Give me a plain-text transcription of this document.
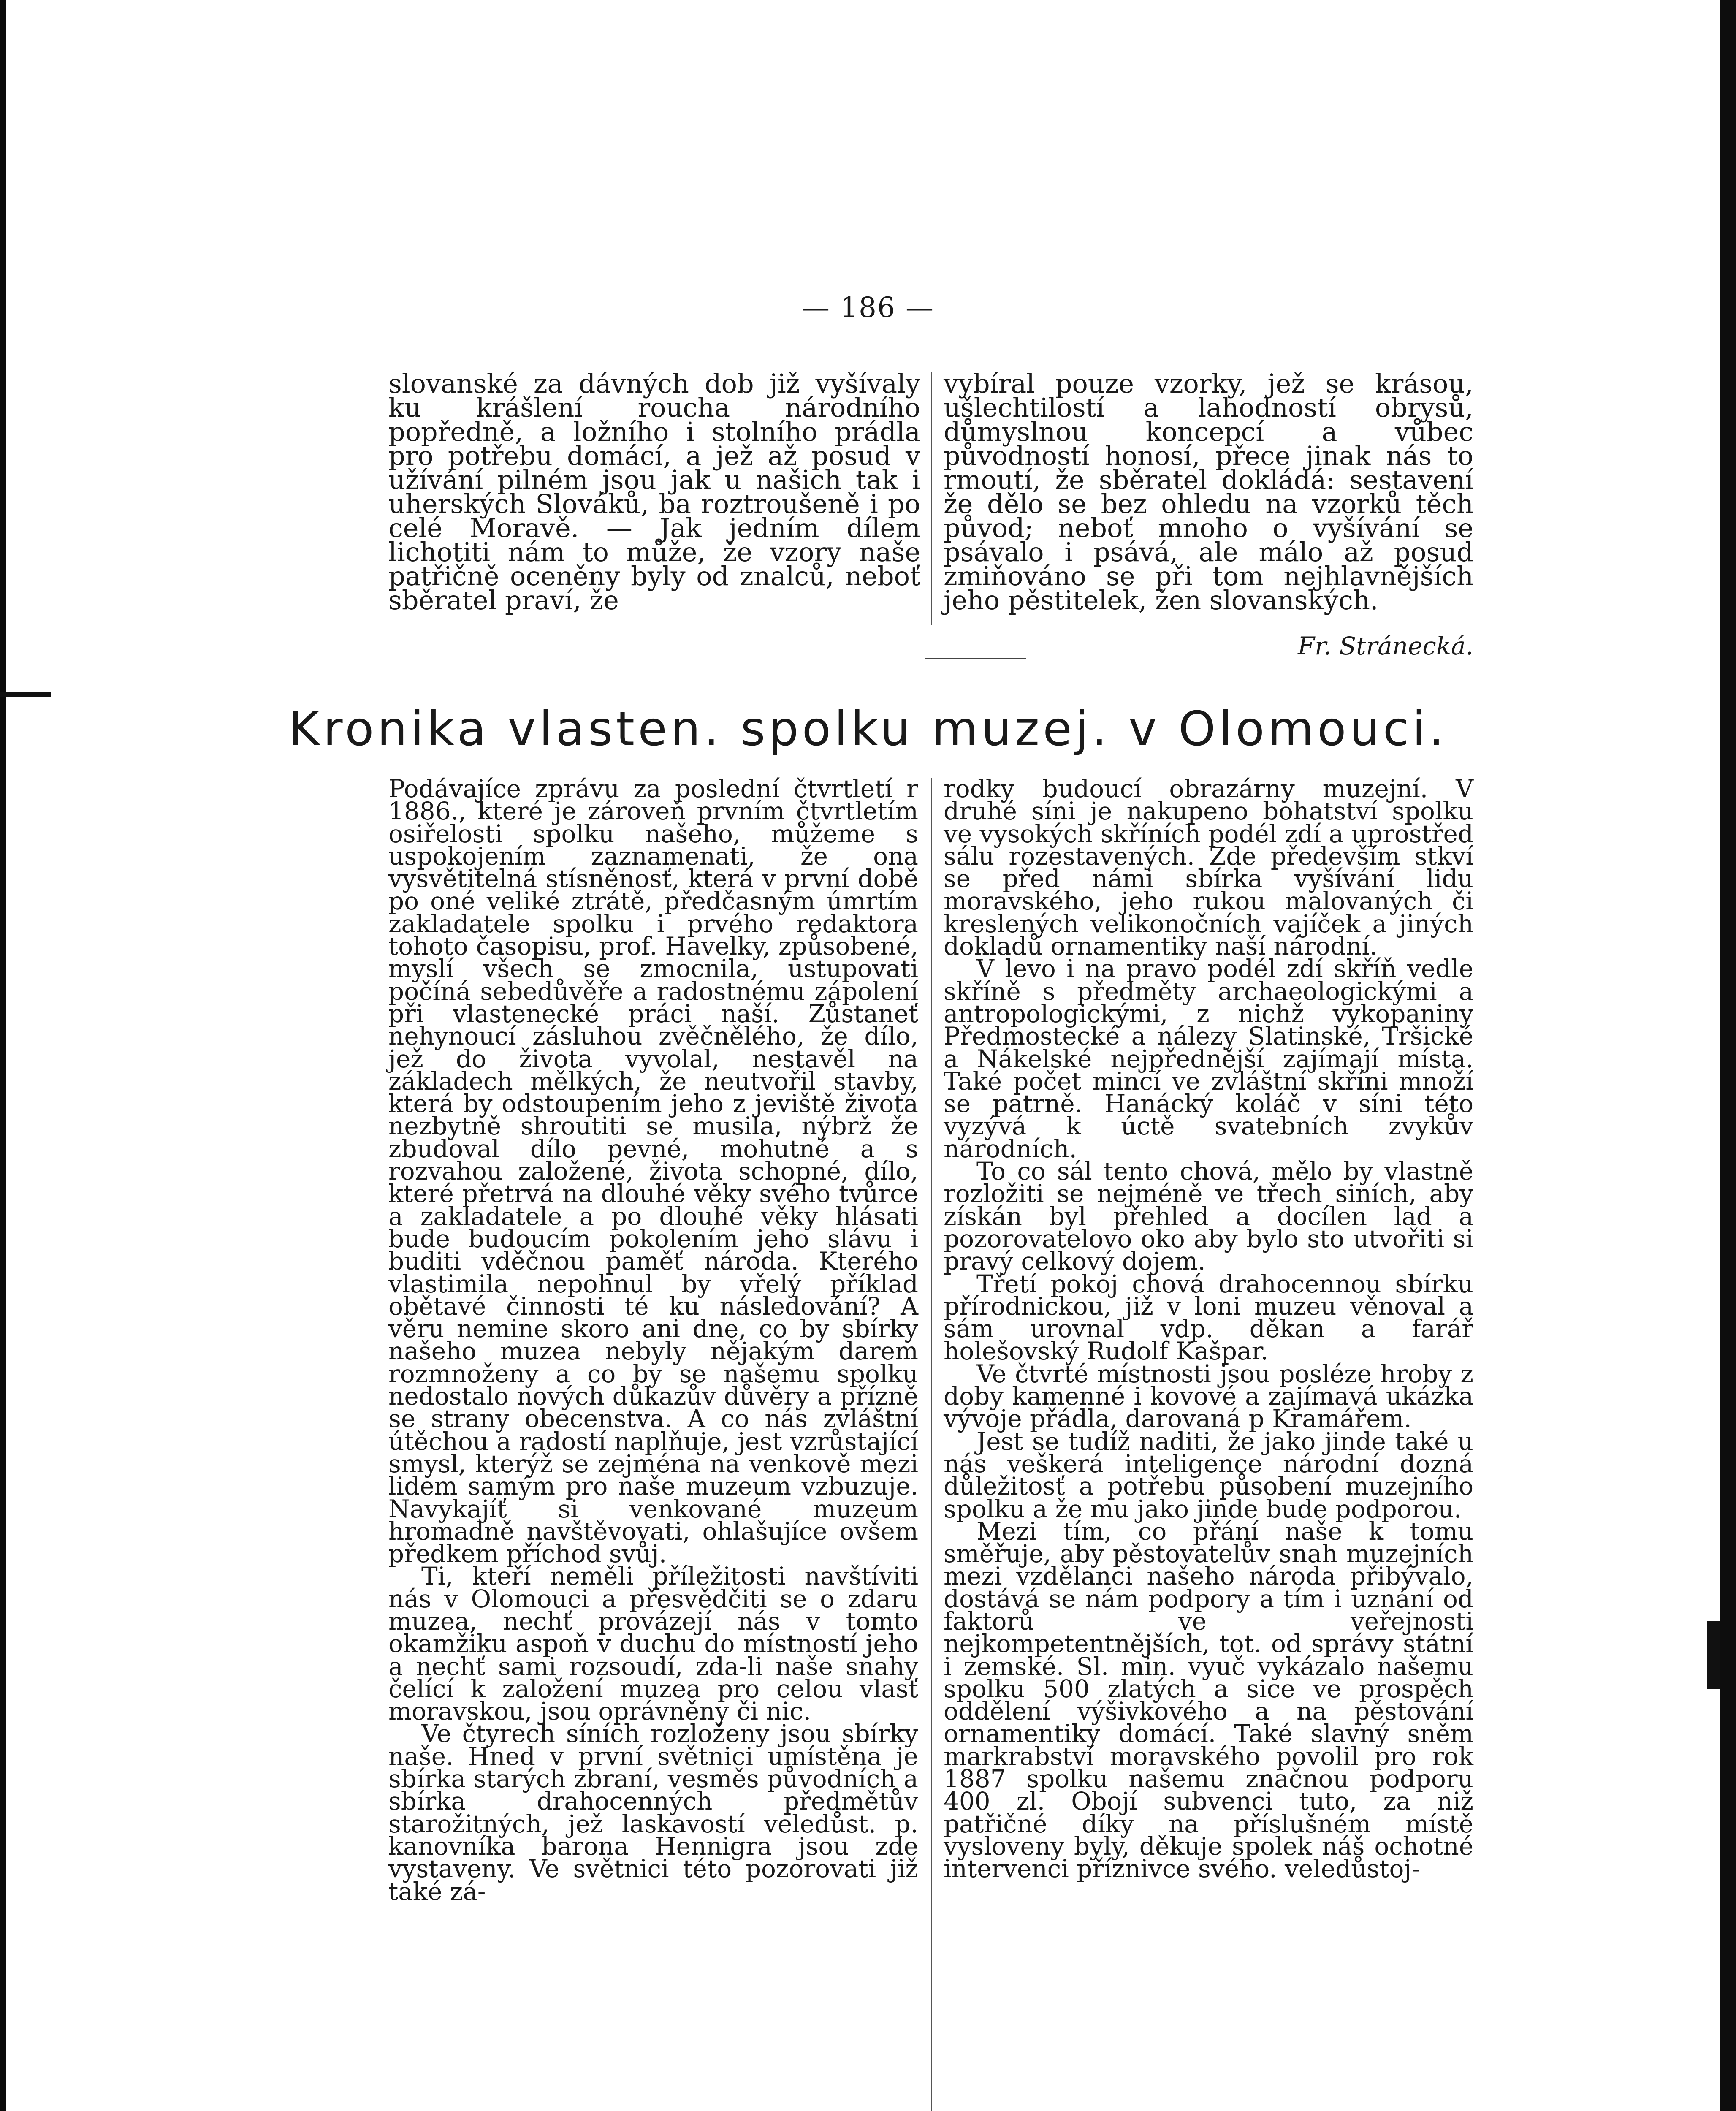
— 186 —

slovanské za dávných dob již vyšívaly ku krášlení roucha národního popředně, a ložního i stolního prádla pro potřebu domácí, a jež až posud v užívání pilném jsou jak u našich tak i uherských Slováků, ba roztroušeně i po celé Moravě. — Jak jedním dílem lichotiti nám to může, že vzory naše patřičně oceněny byly od znalců, neboť sběratel praví, že

vybíral pouze vzorky, jež se krásou, ušlechtilostí a lahodností obrysů, důmyslnou koncepcí a vůbec původností honosí, přece jinak nás to rmoutí, že sběratel dokládá: sestavení že dělo se bez ohledu na vzorků těch původ; neboť mnoho o vyšívání se psávalo i psává, ale málo až posud zmiňováno se při tom nejhlavnějších jeho pěstitelek, žen slovanských.

Fr. Stránecká.
Kronika vlasten. spolku muzej. v Olomouci.

Podávajíce zprávu za poslední čtvrtletí r 1886., které je zároveň prvním čtvrtletím osiřelosti spolku našeho, můžeme s uspokojením zaznamenati, že ona vysvětitelná stísněnosť, která v první době po oné veliké ztrátě, předčasným úmrtím zakladatele spolku i prvého redaktora tohoto časopisu, prof. Havelky, způsobené, myslí všech se zmocnila, ustupovati počíná sebedůvěře a radostnému zápolení při vlastenecké práci naší. Zůstaneť nehynoucí zásluhou zvěčnělého, že dílo, jež do života vyvolal, nestavěl na základech mělkých, že neutvořil stavby, která by odstoupením jeho z jeviště života nezbytně shroutiti se musila, nýbrž že zbudoval dílo pevné, mohutné a s rozvahou založené, života schopné, dílo, které přetrvá na dlouhé věky svého tvůrce a zakladatele a po dlouhé věky hlásati bude budoucím pokolením jeho slávu i buditi vděčnou paměť národa. Kterého vlastimila nepohnul by vřelý příklad obětavé činnosti té ku následování? A věru nemine skoro ani dne, co by sbírky našeho muzea nebyly nějakým darem rozmnoženy a co by se našemu spolku nedostalo nových důkazův důvěry a přízně se strany obecenstva. A co nás zvláštní útěchou a radostí naplňuje, jest vzrůstající smysl, kterýž se zejména na venkově mezi lidem samým pro naše muzeum vzbuzuje. Navykajíť si venkované muzeum hromadně navštěvovati, ohlašujíce ovšem předkem příchod svůj.

Ti, kteří neměli příležitosti navštíviti nás v Olomouci a přesvědčiti se o zdaru muzea, nechť provázejí nás v tomto okamžiku aspoň v duchu do místností jeho a nechť sami rozsoudí, zda-li naše snahy čelící k založení muzea pro celou vlasť moravskou, jsou oprávněny či nic.

Ve čtyrech síních rozloženy jsou sbírky naše. Hned v první světnici umístěna je sbírka starých zbraní, vesměs původních a sbírka drahocenných předmětův starožitných, jež laskavostí veledůst. p. kanovníka barona Hennigra jsou zde vystaveny. Ve světnici této pozorovati již také zá-

rodky budoucí obrazárny muzejní. V druhé síni je nakupeno bohatství spolku ve vysokých skříních podél zdí a uprostřed sálu rozestavených. Zde především stkví se před námi sbírka vyšívání lidu moravského, jeho rukou malovaných či kreslených velikonočních vajíček a jiných dokladů ornamentiky naší národní.

V levo i na pravo podél zdí skříň vedle skříně s předměty archaeologickými a antropologickými, z nichž vykopaniny Předmostecké a nálezy Slatinské, Tršické a Nákelské nejpřednější zajímají místa. Také počet mincí ve zvláštní skříni množí se patrně. Hanácký koláč v síni této vyzývá k úctě svatebních zvykův národních.

To co sál tento chová, mělo by vlastně rozložiti se nejméně ve třech siních, aby získán byl přehled a docílen lad a pozorovatelovo oko aby bylo sto utvořiti si pravý celkový dojem.

Třetí pokoj chová drahocennou sbírku přírodnickou, již v loni muzeu věnoval a sám urovnal vdp. děkan a farář holešovský Rudolf Kašpar.

Ve čtvrté místnosti jsou posléze hroby z doby kamenné i kovové a zajímavá ukázka vývoje přádla, darovaná p Kramářem.

Jest se tudíž naditi, že jako jinde také u nás veškerá inteligence národní dozná důležitosť a potřebu působení muzejního spolku a že mu jako jinde bude podporou.

Mezi tím, co přání naše k tomu směřuje, aby pěstovatelův snah muzejních mezi vzdělanci našeho národa přibývalo, dostává se nám podpory a tím i uznání od faktorů ve veřejnosti nejkompetentnějších, tot. od správy státní i zemské. Sl. min. vyuč vykázalo našemu spolku 500 zlatých a sice ve prospěch oddělení výšivkového a na pěstování ornamentiky domácí. Také slavný sněm markrabství moravského povolil pro rok 1887 spolku našemu značnou podporu 400 zl. Obojí subvenci tuto, za niž patřičné díky na příslušném místě vysloveny byly, děkuje spolek náš ochotné intervenci příznivce svého. veledůstoj-
